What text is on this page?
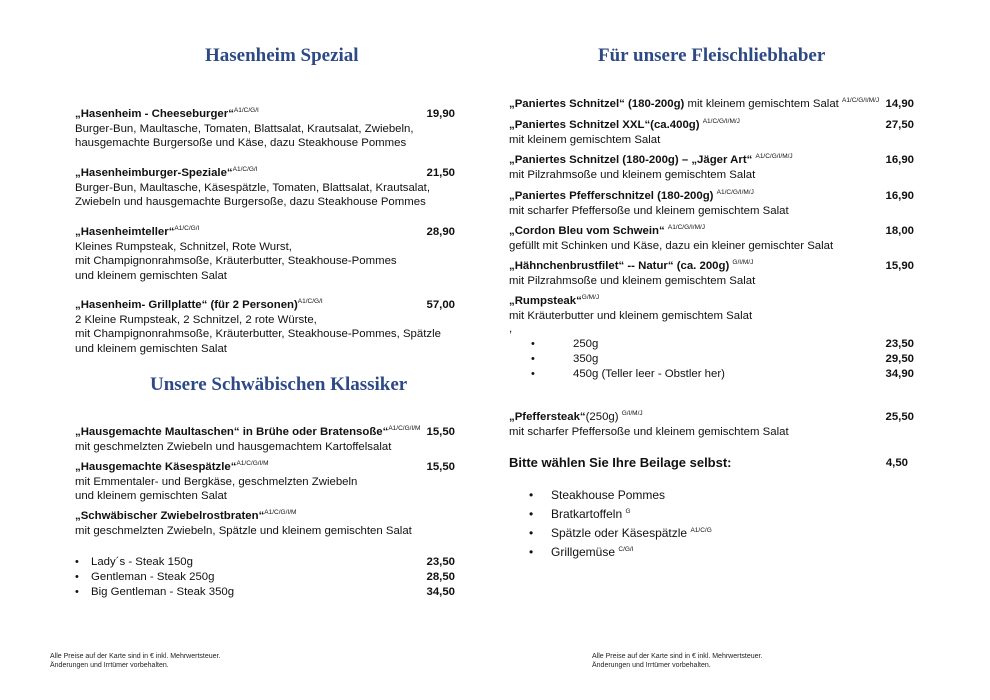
Hasenheim Spezial
„Hasenheim - Cheeseburger“$^{A1/C/G/I}$	19,90
Burger-Bun, Maultasche, Tomaten, Blattsalat, Krautsalat, Zwiebeln,
hausgemachte Burgersoße und Käse, dazu Steakhouse Pommes
„Hasenheimburger-Speziale“$^{A1/C/G/I}$	21,50
Burger-Bun, Maultasche, Käsespätzle, Tomaten, Blattsalat, Krautsalat,
Zwiebeln und hausgemachte Burgersoße, dazu Steakhouse Pommes
„Hasenheimteller“$^{A1/C/G/I}$	28,90
Kleines Rumpsteak, Schnitzel, Rote Wurst,
mit Champignonrahmsoße, Kräuterbutter, Steakhouse-Pommes
und kleinem gemischten Salat
„Hasenheim- Grillplatte“ (für 2 Personen)$^{A1/C/G/I}$	57,00
2 Kleine Rumpsteak, 2 Schnitzel, 2 rote Würste,
mit Champignonrahmsoße, Kräuterbutter, Steakhouse-Pommes, Spätzle
und kleinem gemischten Salat
Unsere Schwäbischen Klassiker
„Hausgemachte Maultaschen“ in Brühe oder Bratensoße“$^{A1/C/G/I/M}$ 15,50
mit geschmelzten Zwiebeln und hausgemachtem Kartoffelsalat
„Hausgemachte Käsespätzle“$^{A1/C/G/I/M}$	15,50
mit Emmentaler- und Bergkäse, geschmelzten Zwiebeln
und kleinem gemischten Salat
„Schwäbischer Zwiebelrostbraten“$^{A1/C/G/I/M}$
mit geschmelzten Zwiebeln, Spätzle und kleinem gemischten Salat
• Lady´s - Steak 150g	23,50
• Gentleman - Steak 250g	28,50
• Big Gentleman - Steak 350g	34,50
Alle Preise auf der Karte sind in € inkl. Mehrwertsteuer.
Änderungen und Irrtümer vorbehalten.
Für unsere Fleischliebhaber
„Paniertes Schnitzel“ (180-200g) mit kleinem gemischtem Salat $^{A1/C/G/I/M/J}$ 14,90
„Paniertes Schnitzel XXL“(ca.400g) $^{A1/C/G/I/M/J}$	27,50
mit kleinem gemischtem Salat
„Paniertes Schnitzel (180-200g) – „Jäger Art“ $^{A1/C/G/I/M/J}$	16,90
mit Pilzrahmsoße und kleinem gemischtem Salat
„Paniertes Pfefferschnitzel (180-200g) $^{A1/C/G/I/M/J}$	16,90
mit scharfer Pfeffersoße und kleinem gemischtem Salat
„Cordon Bleu vom Schwein“ $^{A1/C/G/I/M/J}$	18,00
gefüllt mit Schinken und Käse, dazu ein kleiner gemischter Salat
„Hähnchenbrustfilet“ -- Natur“ (ca. 200g) $^{G/I/M/J}$	15,90
mit Pilzrahmsoße und kleinem gemischtem Salat
„Rumpsteak“$^{G/M/J}$
mit Kräuterbutter und kleinem gemischtem Salat
,
• 250g	23,50
• 350g	29,50
• 450g (Teller leer - Obstler her)	34,90
„Pfeffersteak“(250g) $^{G/I/M/J}$	25,50
mit scharfer Pfeffersoße und kleinem gemischtem Salat
Bitte wählen Sie Ihre Beilage selbst:	4,50
• Steakhouse Pommes
• Bratkartoffeln $^G$
• Spätzle oder Käsespätzle $^{A1/C/G}$
• Grillgemüse $^{C/G/I}$
Alle Preise auf der Karte sind in € inkl. Mehrwertsteuer.
Änderungen und Irrtümer vorbehalten.
